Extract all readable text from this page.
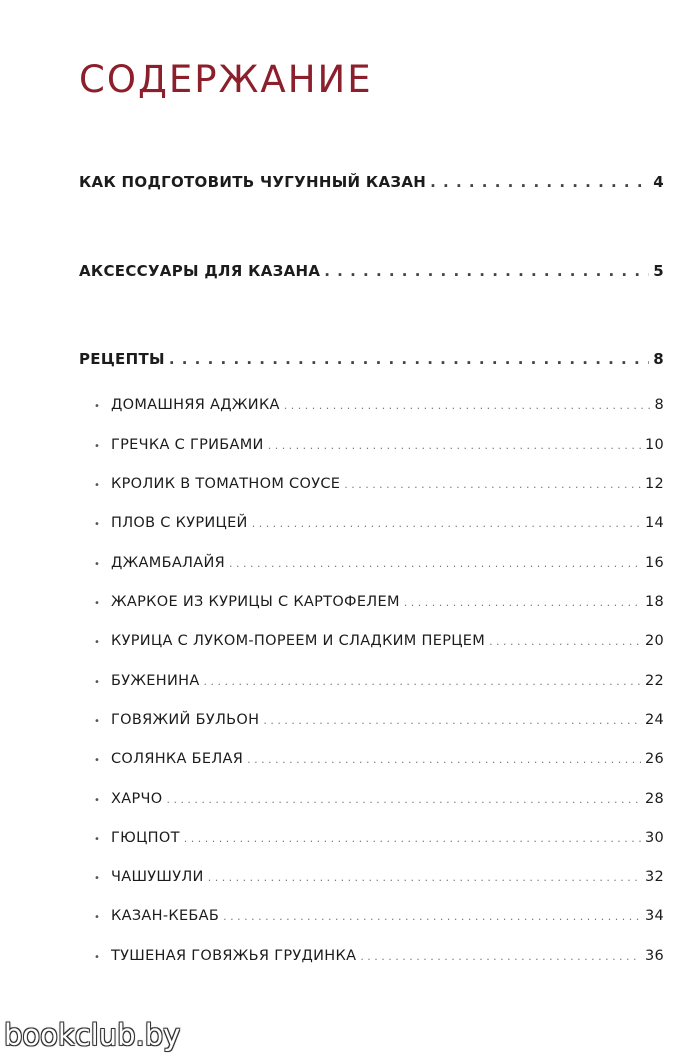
СОДЕРЖАНИЕ
КАК ПОДГОТОВИТЬ ЧУГУННЫЙ КАЗАН . . .	4
АКСЕССУАРЫ ДЛЯ КАЗАНА . . .	5
РЕЦЕПТЫ . . .	8
• ДОМАШНЯЯ АДЖИКА . . .	8
• ГРЕЧКА С ГРИБАМИ . . .	10
• КРОЛИК В ТОМАТНОМ СОУСЕ . . .	12
• ПЛОВ С КУРИЦЕЙ . . .	14
• ДЖАМБАЛАЙЯ . . .	16
• ЖАРКОЕ ИЗ КУРИЦЫ С КАРТОФЕЛЕМ . . .	18
• КУРИЦА С ЛУКОМ-ПОРЕЕМ И СЛАДКИМ ПЕРЦЕМ . . .	20
• БУЖЕНИНА . . .	22
• ГОВЯЖИЙ БУЛЬОН . . .	24
• СОЛЯНКА БЕЛАЯ . . .	26
• ХАРЧО . . .	28
• ГЮЦПОТ . . .	30
• ЧАШУШУЛИ . . .	32
• КАЗАН-КЕБАБ . . .	34
• ТУШЕНАЯ ГОВЯЖЬЯ ГРУДИНКА . . .	36
bookclub.by
